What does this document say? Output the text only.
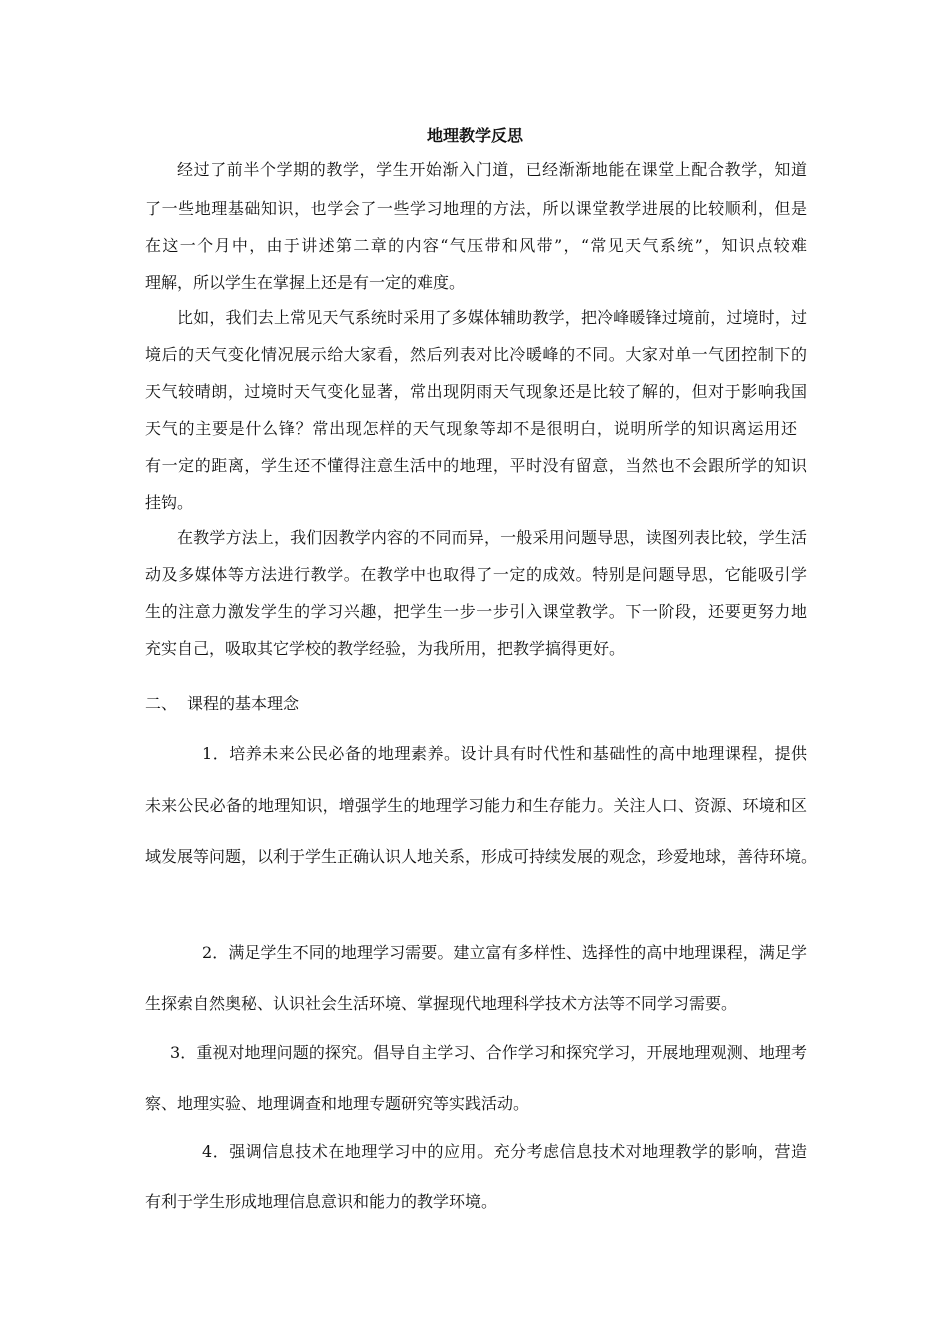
地理教学反思
经过了前半个学期的教学，学生开始渐入门道，已经渐渐地能在课堂上配合教学，知道
了一些地理基础知识，也学会了一些学习地理的方法，所以课堂教学进展的比较顺利，但是
在这一个月中，由于讲述第二章的内容“气压带和风带”，“常见天气系统”，知识点较难
理解，所以学生在掌握上还是有一定的难度。
比如，我们去上常见天气系统时采用了多媒体辅助教学，把冷峰暖锋过境前，过境时，过
境后的天气变化情况展示给大家看，然后列表对比冷暖峰的不同。大家对单一气团控制下的
天气较晴朗，过境时天气变化显著，常出现阴雨天气现象还是比较了解的，但对于影响我国
天气的主要是什么锋？常出现怎样的天气现象等却不是很明白，说明所学的知识离运用还
有一定的距离，学生还不懂得注意生活中的地理，平时没有留意，当然也不会跟所学的知识
挂钩。
在教学方法上，我们因教学内容的不同而异，一般采用问题导思，读图列表比较，学生活
动及多媒体等方法进行教学。在教学中也取得了一定的成效。特别是问题导思，它能吸引学
生的注意力激发学生的学习兴趣，把学生一步一步引入课堂教学。下一阶段，还要更努力地
充实自己，吸取其它学校的教学经验，为我所用，把教学搞得更好。
二、 课程的基本理念
1．培养未来公民必备的地理素养。设计具有时代性和基础性的高中地理课程，提供
未来公民必备的地理知识，增强学生的地理学习能力和生存能力。关注人口、资源、环境和区
域发展等问题，以利于学生正确认识人地关系，形成可持续发展的观念，珍爱地球，善待环境。
2．满足学生不同的地理学习需要。建立富有多样性、选择性的高中地理课程，满足学
生探索自然奥秘、认识社会生活环境、掌握现代地理科学技术方法等不同学习需要。
3．重视对地理问题的探究。倡导自主学习、合作学习和探究学习，开展地理观测、地理考
察、地理实验、地理调查和地理专题研究等实践活动。
4．强调信息技术在地理学习中的应用。充分考虑信息技术对地理教学的影响，营造
有利于学生形成地理信息意识和能力的教学环境。
